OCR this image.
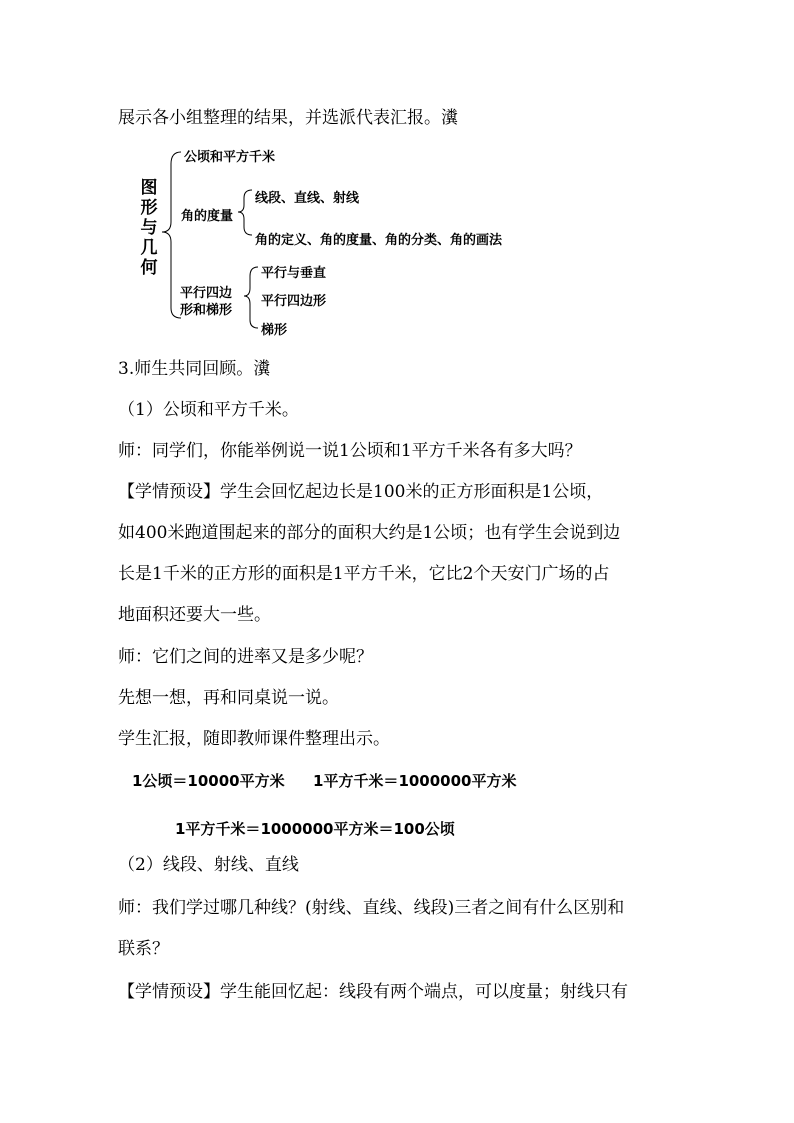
展示各小组整理的结果，并选派代表汇报。瀵
图
形
与
几
何
公顷和平方千米
角的度量
线段、直线、射线
角的定义、角的度量、角的分类、角的画法
平行四边
形和梯形
平行与垂直
平行四边形
梯形
3.师生共同回顾。瀵
（1）公顷和平方千米。
师：同学们，你能举例说一说1公顷和1平方千米各有多大吗？
【学情预设】学生会回忆起边长是100米的正方形面积是1公顷，
如400米跑道围起来的部分的面积大约是1公顷；也有学生会说到边
长是1千米的正方形的面积是1平方千米，它比2个天安门广场的占
地面积还要大一些。
师：它们之间的进率又是多少呢？
先想一想，再和同桌说一说。
学生汇报，随即教师课件整理出示。
1公顷＝10000平方米 1平方千米＝1000000平方米
1平方千米＝1000000平方米＝100公顷
（2）线段、射线、直线
师：我们学过哪几种线？(射线、直线、线段)三者之间有什么区别和
联系？
【学情预设】学生能回忆起：线段有两个端点，可以度量；射线只有
